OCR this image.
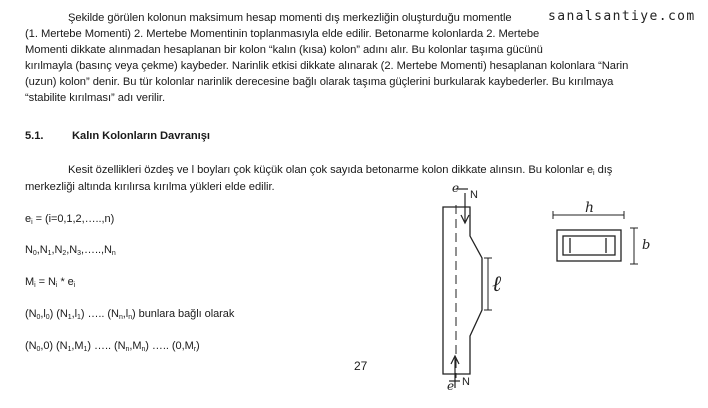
sanalsantiye.com
Şekilde görülen kolonun maksimum hesap momenti dış merkezliğin oluşturduğu momentle
(1. Mertebe Momenti) 2. Mertebe Momentinin toplanmasıyla elde edilir. Betonarme kolonlarda 2. Mertebe
Momenti dikkate alınmadan hesaplanan bir kolon “kalın (kısa) kolon” adını alır. Bu kolonlar taşıma gücünü
kırılmayla (basınç veya çekme) kaybeder. Narinlik etkisi dikkate alınarak (2. Mertebe Momenti) hesaplanan kolonlara “Narin
(uzun) kolon” denir. Bu tür kolonlar narinlik derecesine bağlı olarak taşıma güçlerini burkularak kaybederler. Bu kırılmaya
“stabilite kırılması” adı verilir.
5.1.	Kalın Kolonların Davranışı
Kesit özellikleri özdeş ve l boyları çok küçük olan çok sayıda betonarme kolon dikkate alınsın. Bu kolonlar $e_i$ dış
merkezliği altında kırılırsa kırılma yükleri elde edilir.
$e_i$ = (i=0,1,2,…..,n)
$N_0,N_1,N_2,N_3,\dots..,N_n$
$M_i = N_i * e_i$
$(N_0,l_0)$ $(N_1,l_1)$ ….. $(N_n,l_n)$ bunlara bağlı olarak
$(N_0,0)$ $(N_1,M_1)$ ….. $(N_n,M_n)$ ….. $(0,M_r)$
27
e N
ℓ
e N
h
b
